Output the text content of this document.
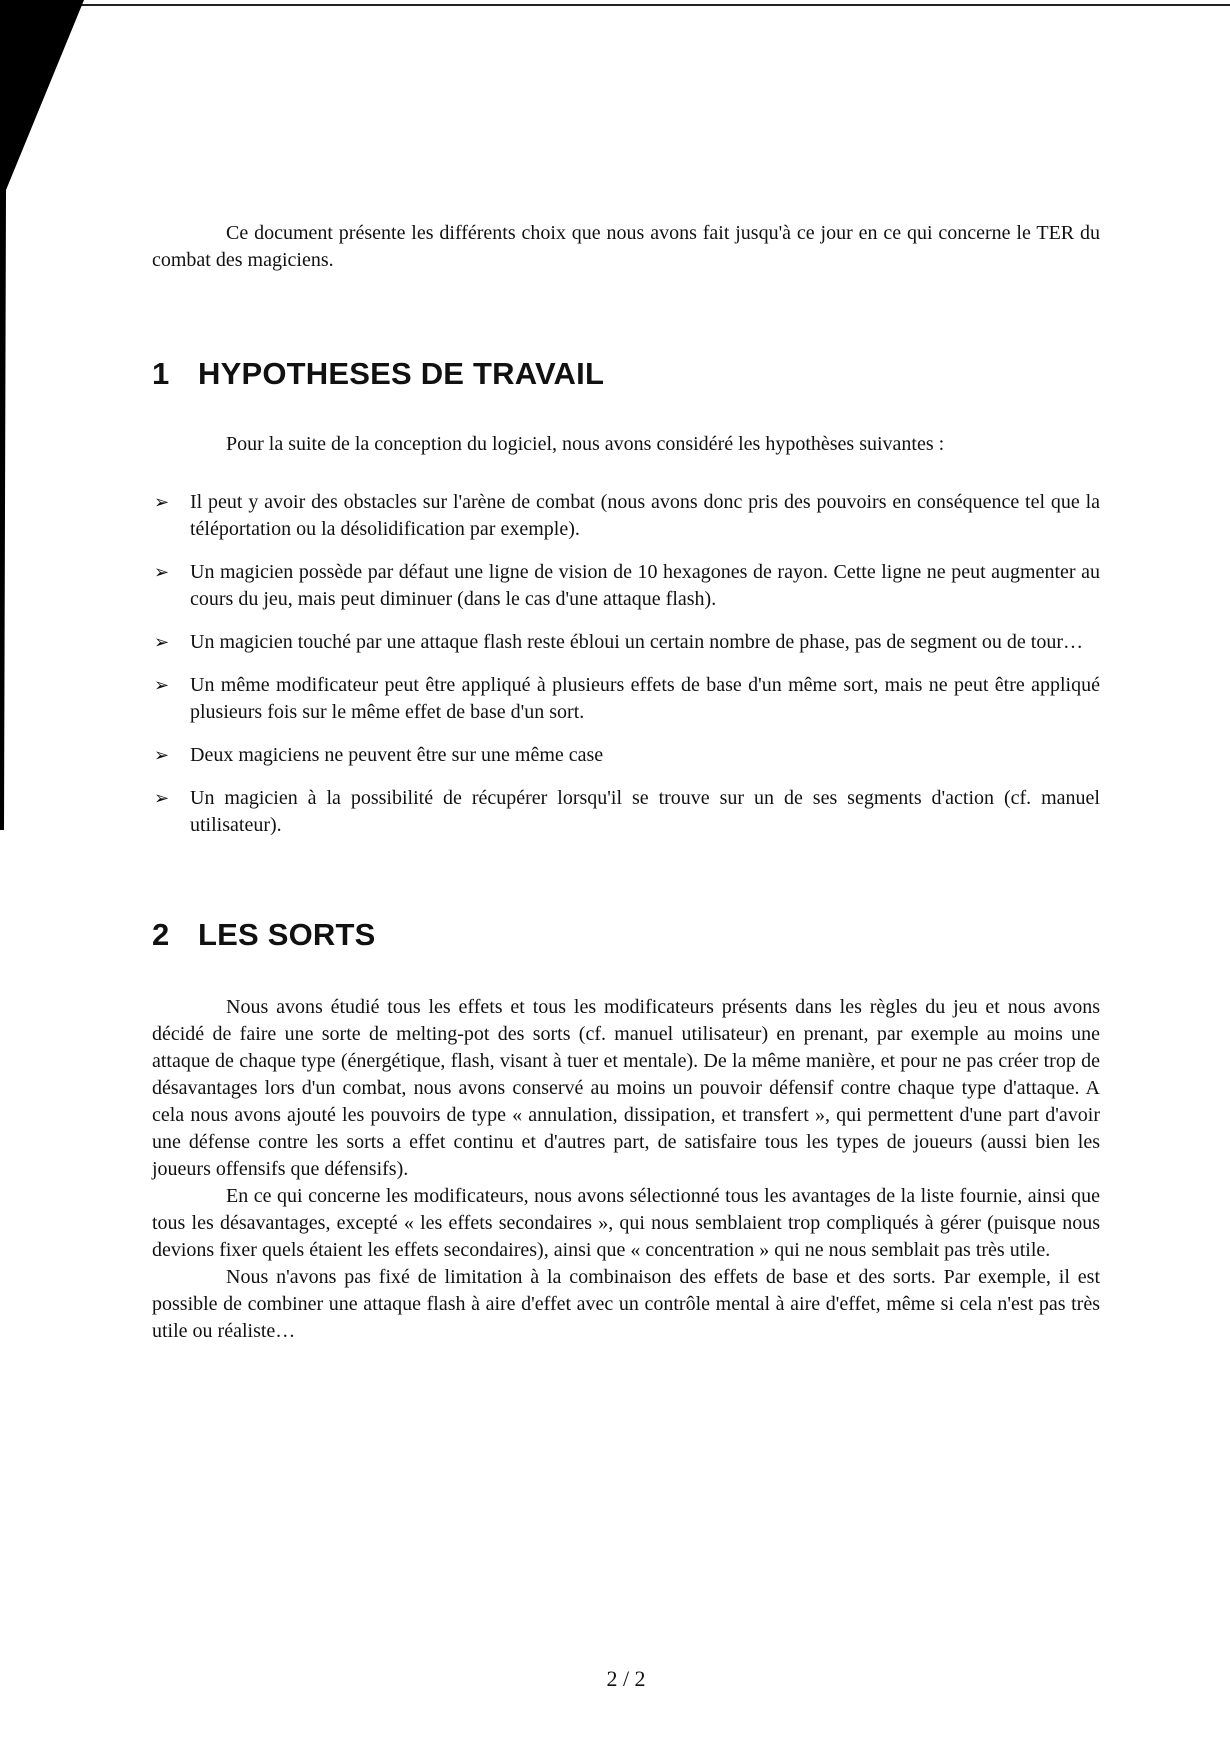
Ce document présente les différents choix que nous avons fait jusqu'à ce jour en ce qui concerne le TER du combat des magiciens.

1 HYPOTHESES DE TRAVAIL

Pour la suite de la conception du logiciel, nous avons considéré les hypothèses suivantes :

➢ Il peut y avoir des obstacles sur l'arène de combat (nous avons donc pris des pouvoirs en conséquence tel que la téléportation ou la désolidification par exemple).
➢ Un magicien possède par défaut une ligne de vision de 10 hexagones de rayon. Cette ligne ne peut augmenter au cours du jeu, mais peut diminuer (dans le cas d'une attaque flash).
➢ Un magicien touché par une attaque flash reste ébloui un certain nombre de phase, pas de segment ou de tour…
➢ Un même modificateur peut être appliqué à plusieurs effets de base d'un même sort, mais ne peut être appliqué plusieurs fois sur le même effet de base d'un sort.
➢ Deux magiciens ne peuvent être sur une même case
➢ Un magicien à la possibilité de récupérer lorsqu'il se trouve sur un de ses segments d'action (cf. manuel utilisateur).
2 LES SORTS

Nous avons étudié tous les effets et tous les modificateurs présents dans les règles du jeu et nous avons décidé de faire une sorte de melting-pot des sorts (cf. manuel utilisateur) en prenant, par exemple au moins une attaque de chaque type (énergétique, flash, visant à tuer et mentale). De la même manière, et pour ne pas créer trop de désavantages lors d'un combat, nous avons conservé au moins un pouvoir défensif contre chaque type d'attaque. A cela nous avons ajouté les pouvoirs de type « annulation, dissipation, et transfert », qui permettent d'une part d'avoir une défense contre les sorts a effet continu et d'autres part, de satisfaire tous les types de joueurs (aussi bien les joueurs offensifs que défensifs).

En ce qui concerne les modificateurs, nous avons sélectionné tous les avantages de la liste fournie, ainsi que tous les désavantages, excepté « les effets secondaires », qui nous semblaient trop compliqués à gérer (puisque nous devions fixer quels étaient les effets secondaires), ainsi que « concentration » qui ne nous semblait pas très utile.

Nous n'avons pas fixé de limitation à la combinaison des effets de base et des sorts. Par exemple, il est possible de combiner une attaque flash à aire d'effet avec un contrôle mental à aire d'effet, même si cela n'est pas très utile ou réaliste…

2 / 2
